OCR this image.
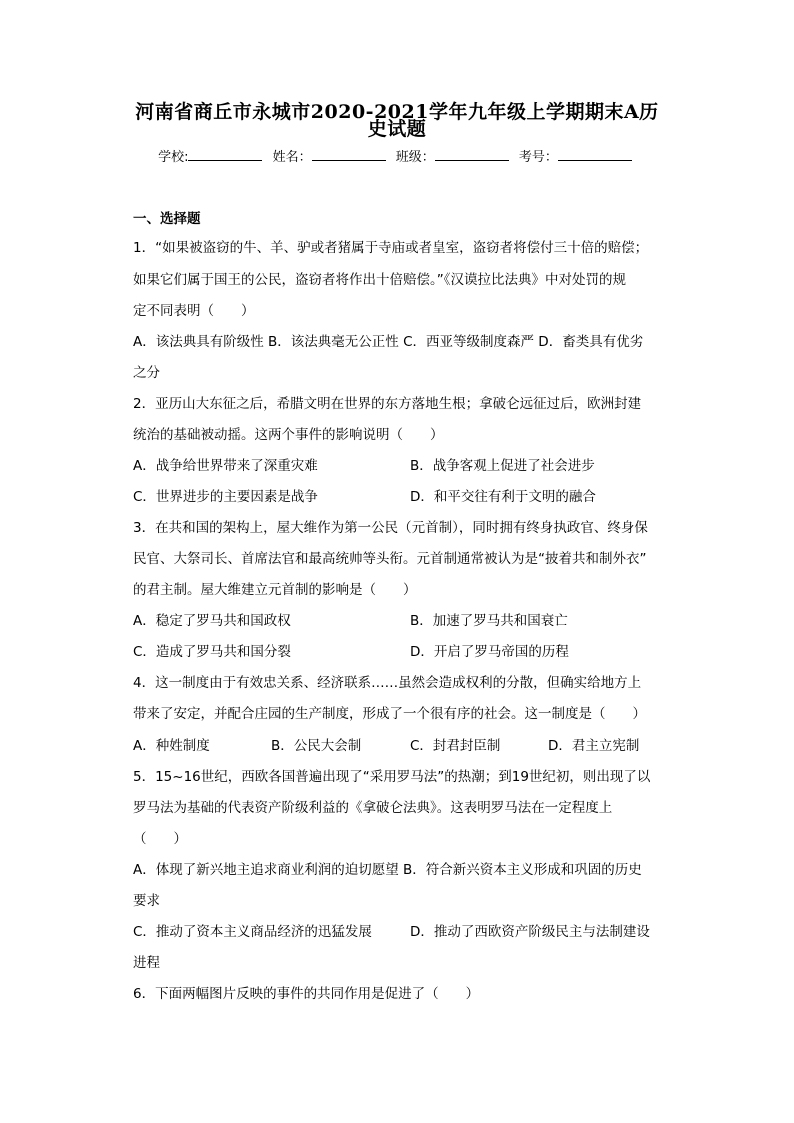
河南省商丘市永城市2020-2021学年九年级上学期期末A历
史试题
学校:	姓名：	班级：	考号：
一、选择题
1．“如果被盗窃的牛、羊、驴或者猪属于寺庙或者皇室，盗窃者将偿付三十倍的赔偿；
如果它们属于国王的公民，盗窃者将作出十倍赔偿。”《汉谟拉比法典》中对处罚的规
定不同表明（　　）
A．该法典具有阶级性 B．该法典毫无公正性 C．西亚等级制度森严 D．畜类具有优劣
之分
2．亚历山大东征之后，希腊文明在世界的东方落地生根；拿破仑远征过后，欧洲封建
统治的基础被动摇。这两个事件的影响说明（　　）
A．战争给世界带来了深重灾难	B．战争客观上促进了社会进步
C．世界进步的主要因素是战争	D．和平交往有利于文明的融合
3．在共和国的架构上，屋大维作为第一公民（元首制），同时拥有终身执政官、终身保
民官、大祭司长、首席法官和最高统帅等头衔。元首制通常被认为是“披着共和制外衣”
的君主制。屋大维建立元首制的影响是（　　）
A．稳定了罗马共和国政权	B．加速了罗马共和国衰亡
C．造成了罗马共和国分裂	D．开启了罗马帝国的历程
4．这一制度由于有效忠关系、经济联系……虽然会造成权利的分散，但确实给地方上
带来了安定，并配合庄园的生产制度，形成了一个很有序的社会。这一制度是（　　）
A．种姓制度	B．公民大会制	C．封君封臣制	D．君主立宪制
5．15~16世纪，西欧各国普遍出现了“采用罗马法”的热潮；到19世纪初，则出现了以
罗马法为基础的代表资产阶级利益的《拿破仑法典》。这表明罗马法在一定程度上
（　　）
A．体现了新兴地主追求商业利润的迫切愿望 B．符合新兴资本主义形成和巩固的历史
要求
C．推动了资本主义商品经济的迅猛发展	D．推动了西欧资产阶级民主与法制建设
进程
6．下面两幅图片反映的事件的共同作用是促进了（　　）
